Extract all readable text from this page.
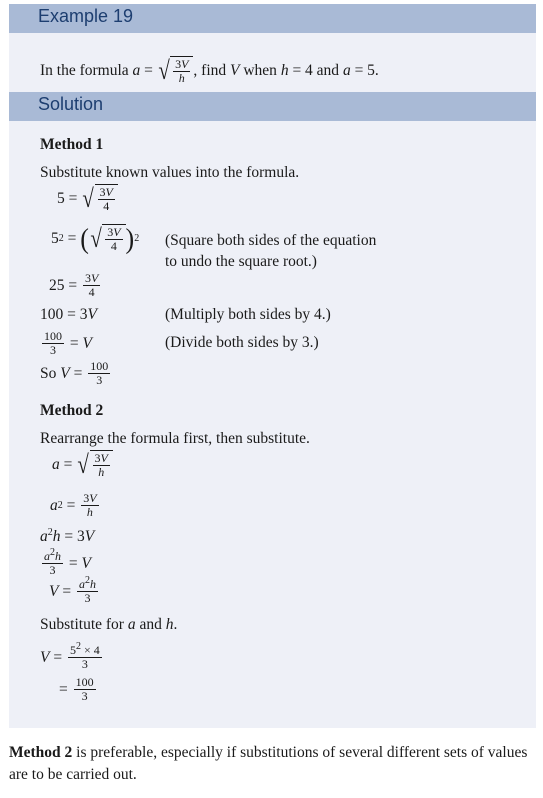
Example 19
In the formula
a = √ $\frac{3V}{h}$ , find V when h = 4 and a = 5.
Solution
Method 1
Substitute known values into the formula.
5 = √ $\frac{3V}{4}$
5 2 = ( √ $\frac{3V}{4}$ ) 2 (Square both sides of the equation
to undo the square root.)
$25 = \frac{3V}{4}$
100 = 3V	(Multiply both sides by 4.)
$\frac{100}{3} = V$	(Divide both sides by 3.)
So $V = \frac{100}{3}$
Method 2
Rearrange the formula first, then substitute.
a = √ $\frac{3V}{h}$
a $2 = \frac{3V}{h}$
$a^2h = 3V$
$\frac{a^2h}{3} = V$
$V = \frac{a^2h}{3}$
Substitute for a and h.
$V = \frac{5^2 \times 4}{3}$
= $\frac{100}{3}$
Method 2 is preferable, especially if substitutions of several different sets of values are to be carried out.
